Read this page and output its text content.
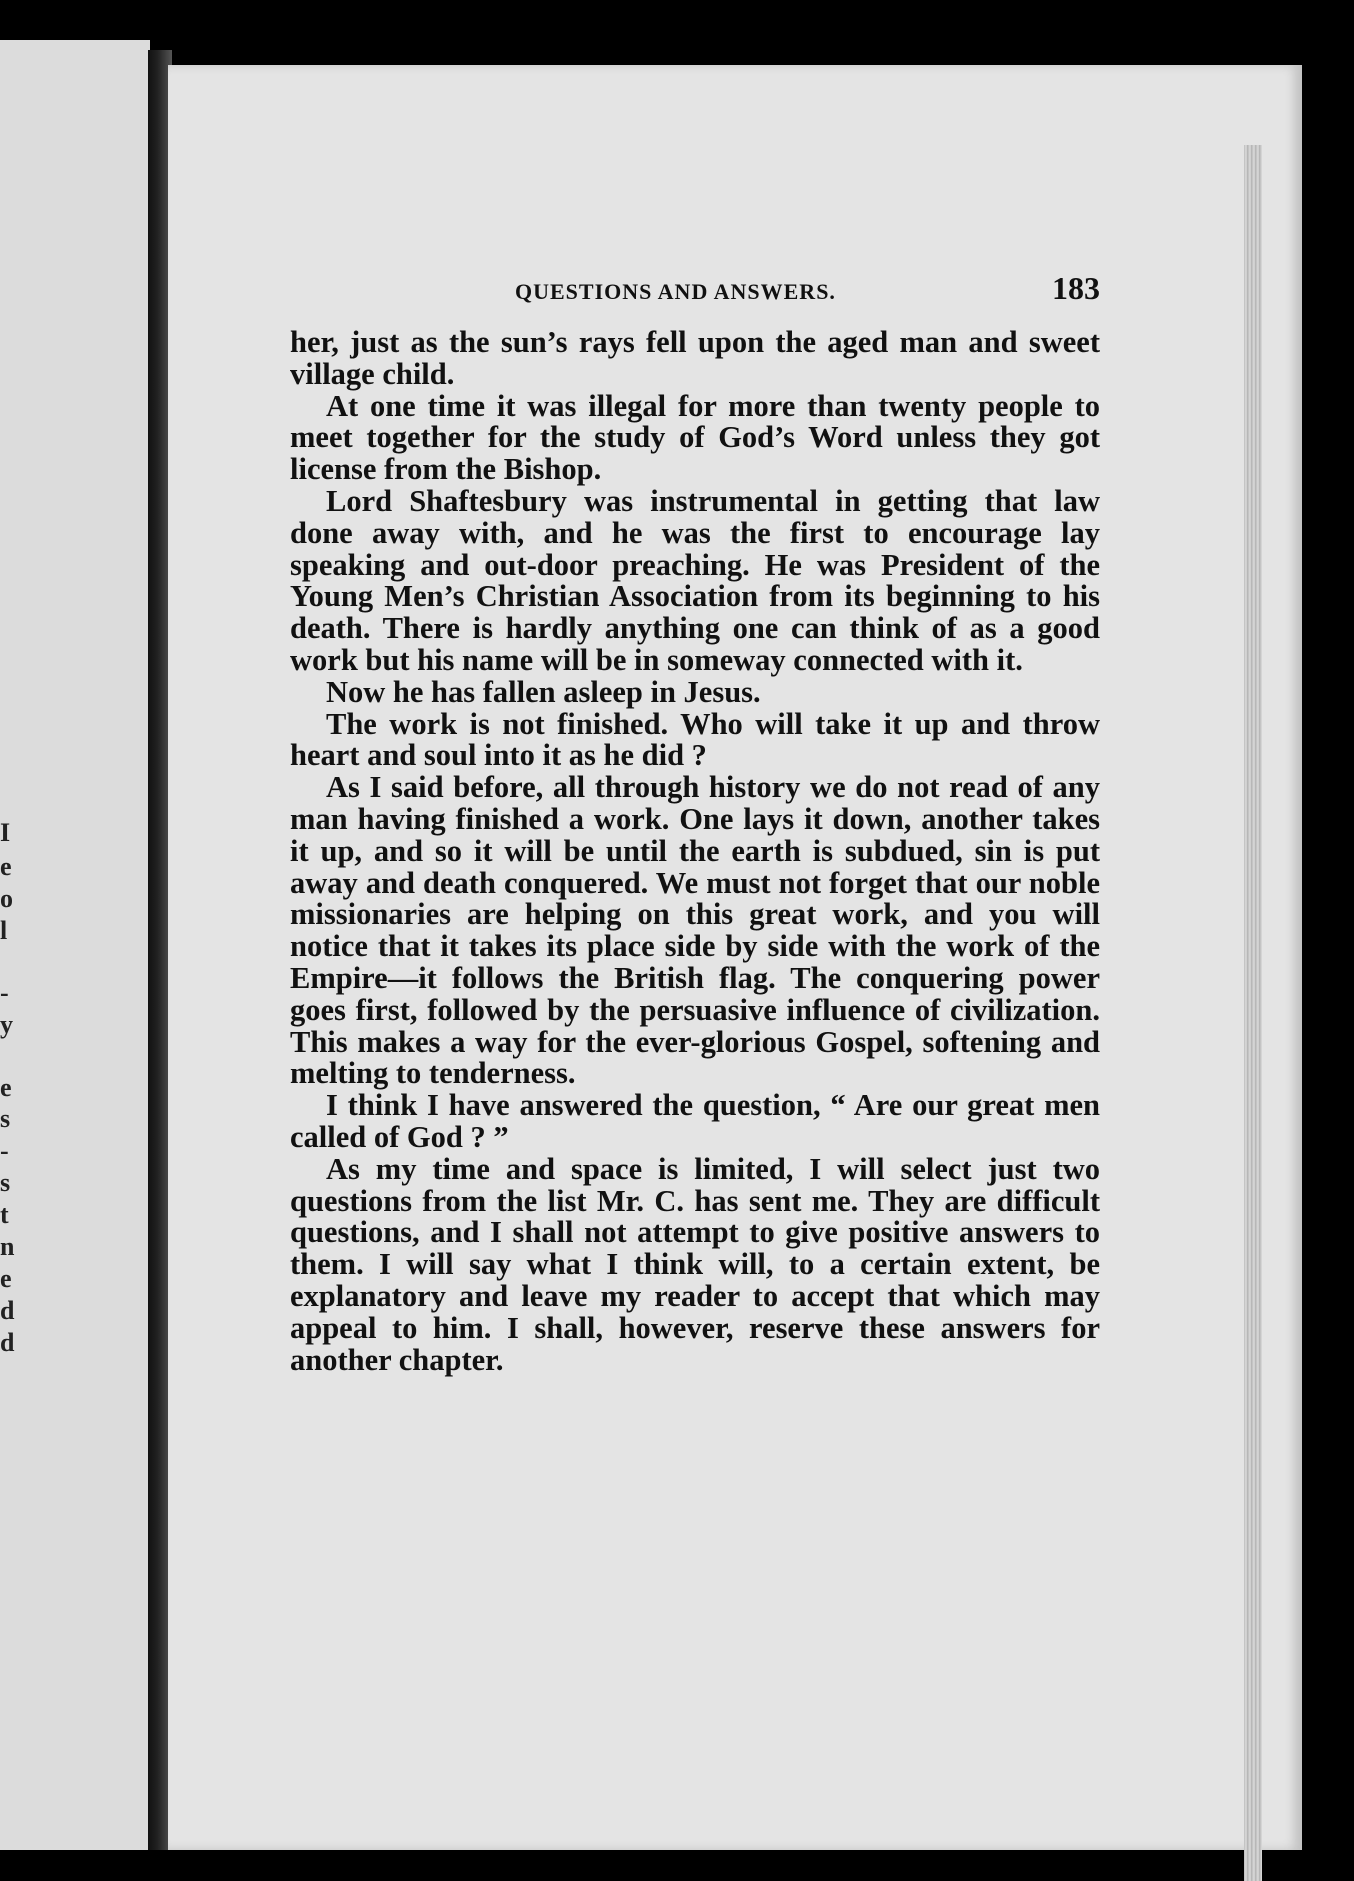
I
e
o
l
-
y
e
s
-
s
t
n
e
d
d
QUESTIONS AND ANSWERS.	183

her, just as the sun’s rays fell upon the aged man and sweet village child.

At one time it was illegal for more than twenty people to meet together for the study of God’s Word unless they got license from the Bishop.

Lord Shaftesbury was instrumental in getting that law done away with, and he was the first to encourage lay speaking and out-door preaching. He was President of the Young Men’s Christian Association from its beginning to his death. There is hardly anything one can think of as a good work but his name will be in someway connected with it.

Now he has fallen asleep in Jesus.

The work is not finished. Who will take it up and throw heart and soul into it as he did ?

As I said before, all through history we do not read of any man having finished a work. One lays it down, another takes it up, and so it will be until the earth is subdued, sin is put away and death conquered. We must not forget that our noble missionaries are helping on this great work, and you will notice that it takes its place side by side with the work of the Empire—it follows the British flag. The conquering power goes first, followed by the persuasive influence of civilization. This makes a way for the ever-glorious Gospel, softening and melting to tenderness.

I think I have answered the question, “ Are our great men called of God ? ”

As my time and space is limited, I will select just two questions from the list Mr. C. has sent me. They are difficult questions, and I shall not attempt to give positive answers to them. I will say what I think will, to a certain extent, be explanatory and leave my reader to accept that which may appeal to him. I shall, however, reserve these answers for another chapter.
